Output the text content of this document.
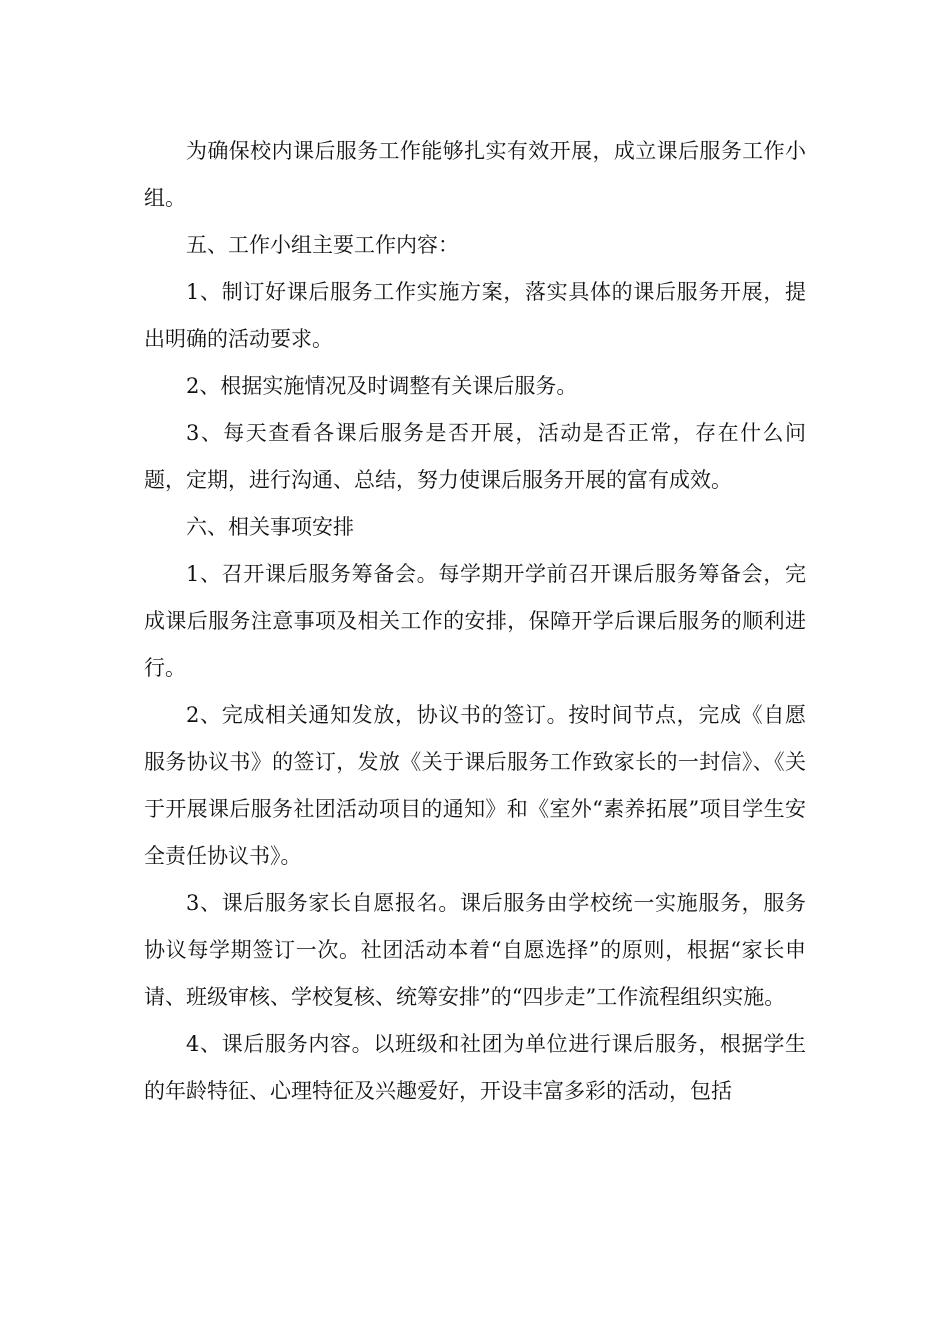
为确保校内课后服务工作能够扎实有效开展，成立课后服务工作小组。

五、工作小组主要工作内容：

1、制订好课后服务工作实施方案，落实具体的课后服务开展，提出明确的活动要求。

2、根据实施情况及时调整有关课后服务。

3、每天查看各课后服务是否开展，活动是否正常，存在什么问题，定期，进行沟通、总结，努力使课后服务开展的富有成效。

六、相关事项安排

1、召开课后服务筹备会。每学期开学前召开课后服务筹备会，完成课后服务注意事项及相关工作的安排，保障开学后课后服务的顺利进行。

2、完成相关通知发放，协议书的签订。按时间节点，完成《自愿服务协议书》的签订，发放《关于课后服务工作致家长的一封信》、《关于开展课后服务社团活动项目的通知》和《室外“素养拓展”项目学生安全责任协议书》。

3、课后服务家长自愿报名。课后服务由学校统一实施服务，服务协议每学期签订一次。社团活动本着“自愿选择”的原则，根据“家长申请、班级审核、学校复核、统筹安排”的“四步走”工作流程组织实施。

4、课后服务内容。以班级和社团为单位进行课后服务，根据学生的年龄特征、心理特征及兴趣爱好，开设丰富多彩的活动，包括
